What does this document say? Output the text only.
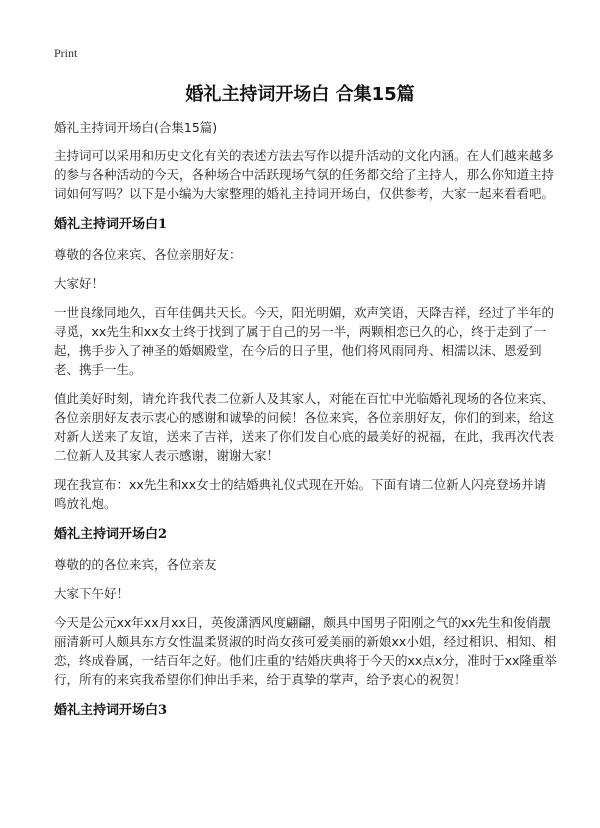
Print
婚礼主持词开场白 合集15篇

婚礼主持词开场白(合集15篇)

主持词可以采用和历史文化有关的表述方法去写作以提升活动的文化内涵。在人们越来越多的参与各种活动的今天，各种场合中活跃现场气氛的任务都交给了主持人，那么你知道主持词如何写吗？以下是小编为大家整理的婚礼主持词开场白，仅供参考，大家一起来看看吧。

婚礼主持词开场白1

尊敬的各位来宾、各位亲朋好友：

大家好！

一世良缘同地久，百年佳偶共天长。今天，阳光明媚，欢声笑语，天降吉祥，经过了半年的寻觅，xx先生和xx女士终于找到了属于自己的另一半，两颗相恋已久的心，终于走到了一起，携手步入了神圣的婚姻殿堂，在今后的日子里，他们将风雨同舟、相濡以沫、恩爱到老、携手一生。

值此美好时刻，请允许我代表二位新人及其家人，对能在百忙中光临婚礼现场的各位来宾、各位亲朋好友表示衷心的感谢和诚挚的问候！各位来宾，各位亲朋好友，你们的到来，给这对新人送来了友谊，送来了吉祥，送来了你们发自心底的最美好的祝福，在此，我再次代表二位新人及其家人表示感谢，谢谢大家！

现在我宣布：xx先生和xx女士的结婚典礼仪式现在开始。下面有请二位新人闪亮登场并请鸣放礼炮。

婚礼主持词开场白2

尊敬的的各位来宾，各位亲友

大家下午好！

今天是公元xx年xx月xx日，英俊潇洒风度翩翩，颇具中国男子阳刚之气的xx先生和俊俏靓丽清新可人颇具东方女性温柔贤淑的时尚女孩可爱美丽的新娘xx小姐，经过相识、相知、相恋，终成眷属，一结百年之好。他们庄重的'结婚庆典将于今天的xx点x分，准时于xx隆重举行，所有的来宾我希望你们伸出手来，给于真挚的掌声，给予衷心的祝贺！

婚礼主持词开场白3
